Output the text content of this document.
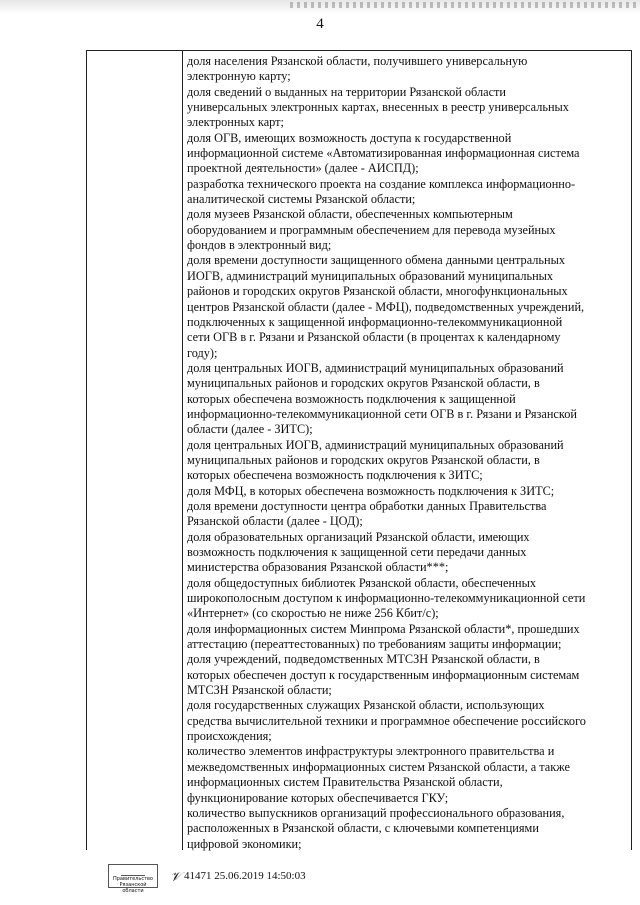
4
доля населения Рязанской области, получившего универсальную
электронную карту;
доля сведений о выданных на территории Рязанской области
универсальных электронных картах, внесенных в реестр универсальных
электронных карт;
доля ОГВ, имеющих возможность доступа к государственной
информационной системе «Автоматизированная информационная система
проектной деятельности» (далее - АИСПД);
разработка технического проекта на создание комплекса информационно-
аналитической системы Рязанской области;
доля музеев Рязанской области, обеспеченных компьютерным
оборудованием и программным обеспечением для перевода музейных
фондов в электронный вид;
доля времени доступности защищенного обмена данными центральных
ИОГВ, администраций муниципальных образований муниципальных
районов и городских округов Рязанской области, многофункциональных
центров Рязанской области (далее - МФЦ), подведомственных учреждений,
подключенных к защищенной информационно-телекоммуникационной
сети ОГВ в г. Рязани и Рязанской области (в процентах к календарному
году);
доля центральных ИОГВ, администраций муниципальных образований
муниципальных районов и городских округов Рязанской области, в
которых обеспечена возможность подключения к защищенной
информационно-телекоммуникационной сети ОГВ в г. Рязани и Рязанской
области (далее - ЗИТС);
доля центральных ИОГВ, администраций муниципальных образований
муниципальных районов и городских округов Рязанской области, в
которых обеспечена возможность подключения к ЗИТС;
доля МФЦ, в которых обеспечена возможность подключения к ЗИТС;
доля времени доступности центра обработки данных Правительства
Рязанской области (далее - ЦОД);
доля образовательных организаций Рязанской области, имеющих
возможность подключения к защищенной сети передачи данных
министерства образования Рязанской области***;
доля общедоступных библиотек Рязанской области, обеспеченных
широкополосным доступом к информационно-телекоммуникационной сети
«Интернет» (со скоростью не ниже 256 Кбит/с);
доля информационных систем Минпрома Рязанской области*, прошедших
аттестацию (переаттестованных) по требованиям защиты информации;
доля учреждений, подведомственных МТСЗН Рязанской области, в
которых обеспечен доступ к государственным информационным системам
МТСЗН Рязанской области;
доля государственных служащих Рязанской области, использующих
средства вычислительной техники и программное обеспечение российского
происхождения;
количество элементов инфраструктуры электронного правительства и
межведомственных информационных систем Рязанской области, а также
информационных систем Правительства Рязанской области,
функционирование которых обеспечивается ГКУ;
количество выпускников организаций профессионального образования,
расположенных в Рязанской области, с ключевыми компетенциями
цифровой экономики;
Правительство Рязанской области
𝒱 41471 25.06.2019 14:50:03
